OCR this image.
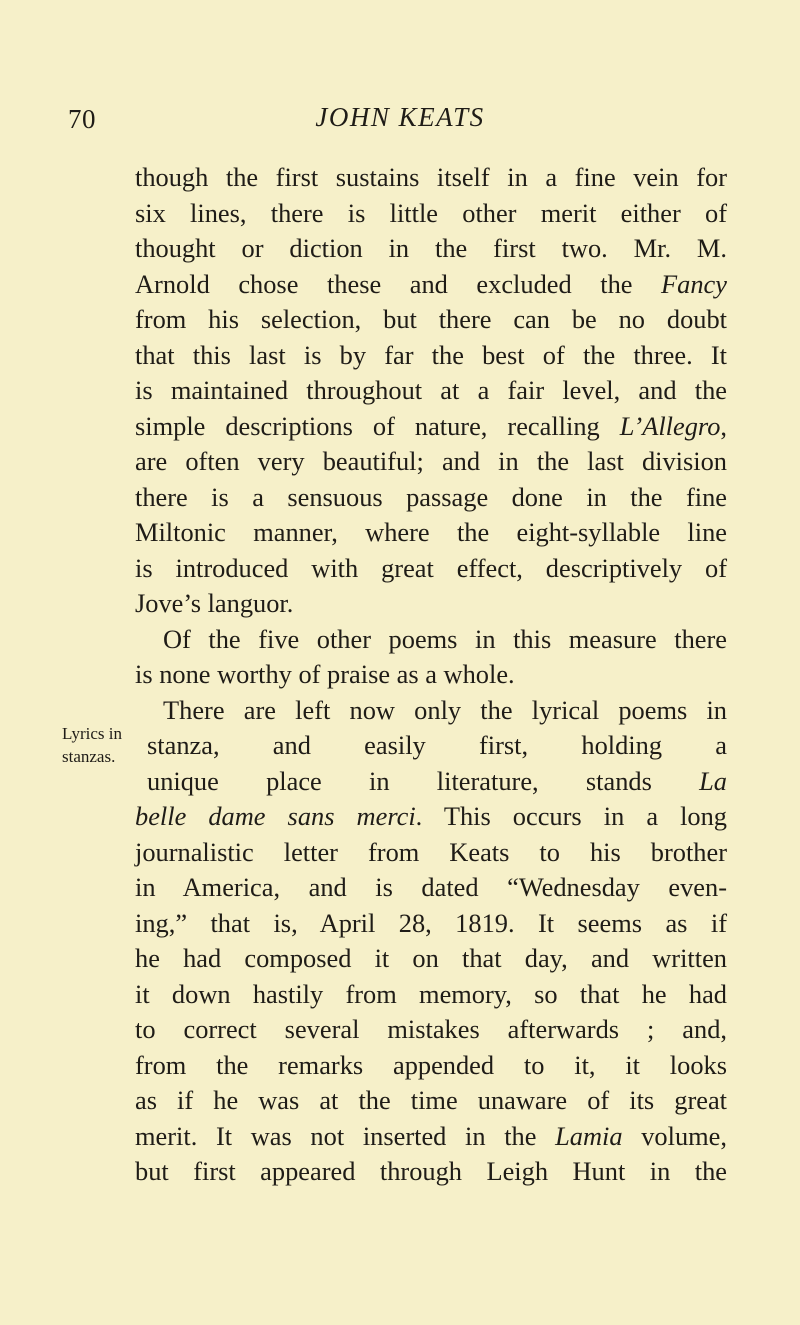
70	JOHN KEATS
Lyrics in
stanzas.
though the first sustains itself in a fine vein for
six lines, there is little other merit either of
thought or diction in the first two. Mr. M.
Arnold chose these and excluded the Fancy
from his selection, but there can be no doubt
that this last is by far the best of the three. It
is maintained throughout at a fair level, and the
simple descriptions of nature, recalling L’Allegro,
are often very beautiful; and in the last division
there is a sensuous passage done in the fine
Miltonic manner, where the eight-syllable line
is introduced with great effect, descriptively of
Jove’s languor.
Of the five other poems in this measure there
is none worthy of praise as a whole.
There are left now only the lyrical poems in
stanza, and easily first, holding a
unique place in literature, stands La
belle dame sans merci. This occurs in a long
journalistic letter from Keats to his brother
in America, and is dated “Wednesday even-
ing,” that is, April 28, 1819. It seems as if
he had composed it on that day, and written
it down hastily from memory, so that he had
to correct several mistakes afterwards ; and,
from the remarks appended to it, it looks
as if he was at the time unaware of its great
merit. It was not inserted in the Lamia volume,
but first appeared through Leigh Hunt in the
